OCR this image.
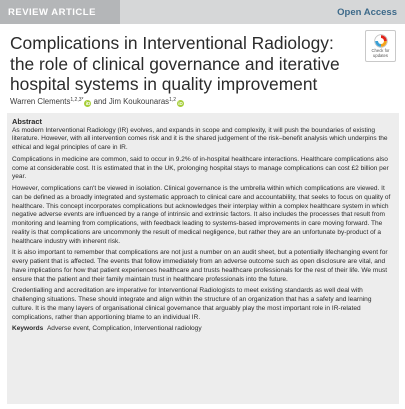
REVIEW ARTICLE	Open Access
Complications in Interventional Radiology: the role of clinical governance and iterative hospital systems in quality improvement
Check for
updates
Warren Clements$^{1,2,3*}$iD and Jim Koukounaras$^{1,2}$iD
Abstract

As modern Interventional Radiology (IR) evolves, and expands in scope and complexity, it will push the boundaries of existing literature. However, with all intervention comes risk and it is the shared judgement of the risk–benefit analysis which underpins the ethical and legal principles of care in IR.

Complications in medicine are common, said to occur in 9.2% of in-hospital healthcare interactions. Healthcare complications also come at considerable cost. It is estimated that in the UK, prolonging hospital stays to manage complications can cost £2 billion per year.

However, complications can't be viewed in isolation. Clinical governance is the umbrella within which complications are viewed. It can be defined as a broadly integrated and systematic approach to clinical care and accountability, that seeks to focus on quality of healthcare. This concept incorporates complications but acknowledges their interplay within a complex healthcare system in which negative adverse events are influenced by a range of intrinsic and extrinsic factors. It also includes the processes that result from monitoring and learning from complications, with feedback leading to systems-based improvements in care moving forward. The reality is that complications are uncommonly the result of medical negligence, but rather they are an unfortunate by-product of a healthcare industry with inherent risk.

It is also important to remember that complications are not just a number on an audit sheet, but a potentially lifechanging event for every patient that is affected. The events that follow immediately from an adverse outcome such as open disclosure are vital, and have implications for how that patient experiences healthcare and trusts healthcare professionals for the rest of their life. We must ensure that the patient and their family maintain trust in healthcare professionals into the future.

Credentialling and accreditation are imperative for Interventional Radiologists to meet existing standards as well deal with challenging situations. These should integrate and align within the structure of an organization that has a safety and learning culture. It is the many layers of organisational clinical governance that arguably play the most important role in IR-related complications, rather than apportioning blame to an individual IR.

Keywords Adverse event, Complication, Interventional radiology
